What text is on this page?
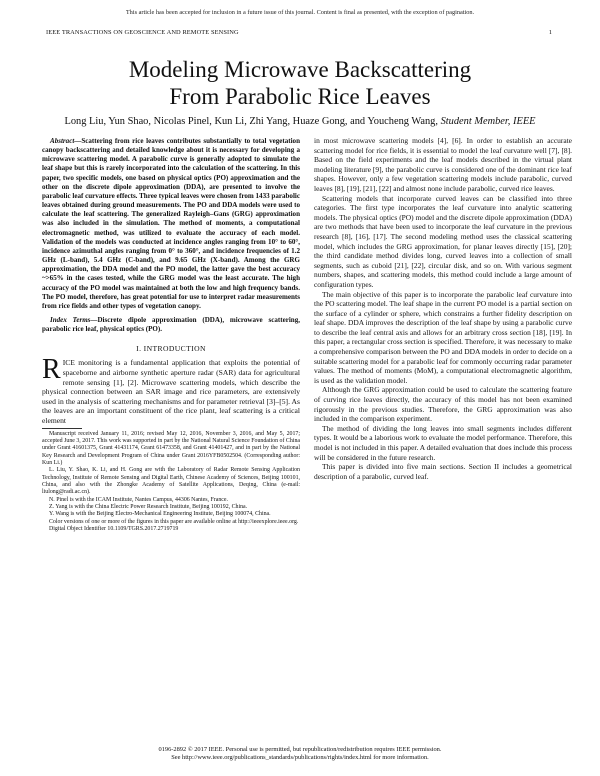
This article has been accepted for inclusion in a future issue of this journal. Content is final as presented, with the exception of pagination.
IEEE TRANSACTIONS ON GEOSCIENCE AND REMOTE SENSING	1
Modeling Microwave Backscattering
From Parabolic Rice Leaves
Long Liu, Yun Shao, Nicolas Pinel, Kun Li, Zhi Yang, Huaze Gong, and Youcheng Wang, Student Member, IEEE

Abstract—Scattering from rice leaves contributes substantially to total vegetation canopy backscattering and detailed knowledge about it is necessary for developing a microwave scattering model. A parabolic curve is generally adopted to simulate the leaf shape but this is rarely incorporated into the calculation of the scattering. In this paper, two specific models, one based on physical optics (PO) approximation and the other on the discrete dipole approximation (DDA), are presented to involve the parabolic leaf curvature effects. Three typical leaves were chosen from 1433 parabolic leaves obtained during ground measurements. The PO and DDA models were used to calculate the leaf scattering. The generalized Rayleigh–Gans (GRG) approximation was also included in the simulation. The method of moments, a computational electromagnetic method, was utilized to evaluate the accuracy of each model. Validation of the models was conducted at incidence angles ranging from 10° to 60°, incidence azimuthal angles ranging from 0° to 360°, and incidence frequencies of 1.2 GHz (L-band), 5.4 GHz (C-band), and 9.65 GHz (X-band). Among the GRG approximation, the DDA model and the PO model, the latter gave the best accuracy ~>65% in the cases tested, while the GRG model was the least accurate. The high accuracy of the PO model was maintained at both the low and high frequency bands. The PO model, therefore, has great potential for use to interpret radar measurements from rice fields and other types of vegetation canopy.

Index Terms—Discrete dipole approximation (DDA), microwave scattering, parabolic rice leaf, physical optics (PO).

I. INTRODUCTION

RICE monitoring is a fundamental application that exploits the potential of spaceborne and airborne synthetic aperture radar (SAR) data for agricultural remote sensing [1], [2]. Microwave scattering models, which describe the physical connection between an SAR image and rice parameters, are extensively used in the analysis of scattering mechanisms and for parameter retrieval [3]–[5]. As the leaves are an important constituent of the rice plant, leaf scattering is a critical element

Manuscript received January 11, 2016; revised May 12, 2016, November 3, 2016, and May 5, 2017; accepted June 3, 2017. This work was supported in part by the National Natural Science Foundation of China under Grant 41601375, Grant 41431174, Grant 61473358, and Grant 41401427, and in part by the National Key Research and Development Program of China under Grant 2016YFB0502504. (Corresponding author: Kun Li.)

L. Liu, Y. Shao, K. Li, and H. Gong are with the Laboratory of Radar Remote Sensing Application Technology, Institute of Remote Sensing and Digital Earth, Chinese Academy of Sciences, Beijing 100101, China, and also with the Zhongke Academy of Satellite Applications, Deqing, China (e-mail: liulong@radi.ac.cn).

N. Pinel is with the ICAM Institute, Nantes Campus, 44306 Nantes, France.

Z. Yang is with the China Electric Power Research Institute, Beijing 100192, China.

Y. Wang is with the Beijing Electro-Mechanical Engineering Institute, Beijing 100074, China.

Color versions of one or more of the figures in this paper are available online at http://ieeexplore.ieee.org.

Digital Object Identifier 10.1109/TGRS.2017.2719719

in most microwave scattering models [4], [6]. In order to establish an accurate scattering model for rice fields, it is essential to model the leaf curvature well [7], [8]. Based on the field experiments and the leaf models described in the virtual plant modeling literature [9], the parabolic curve is considered one of the dominant rice leaf shapes. However, only a few vegetation scattering models include parabolic, curved leaves [8], [19], [21], [22] and almost none include parabolic, curved rice leaves.

Scattering models that incorporate curved leaves can be classified into three categories. The first type incorporates the leaf curvature into analytic scattering models. The physical optics (PO) model and the discrete dipole approximation (DDA) are two methods that have been used to incorporate the leaf curvature in the previous research [8], [16], [17]. The second modeling method uses the classical scattering model, which includes the GRG approximation, for planar leaves directly [15], [20]; the third candidate method divides long, curved leaves into a collection of small segments, such as cuboid [21], [22], circular disk, and so on. With various segment numbers, shapes, and scattering models, this method could include a large amount of configuration types.

The main objective of this paper is to incorporate the parabolic leaf curvature into the PO scattering model. The leaf shape in the current PO model is a partial section on the surface of a cylinder or sphere, which constrains a further fidelity description on leaf shape. DDA improves the description of the leaf shape by using a parabolic curve to describe the leaf central axis and allows for an arbitrary cross section [18], [19]. In this paper, a rectangular cross section is specified. Therefore, it was necessary to make a comprehensive comparison between the PO and DDA models in order to decide on a suitable scattering model for a parabolic leaf for commonly occurring radar parameter values. The method of moments (MoM), a computational electromagnetic algorithm, is used as the validation model.

Although the GRG approximation could be used to calculate the scattering feature of curving rice leaves directly, the accuracy of this model has not been examined rigorously in the previous studies. Therefore, the GRG approximation was also included in the comparison experiment.

The method of dividing the long leaves into small segments includes different types. It would be a laborious work to evaluate the model performance. Therefore, this model is not included in this paper. A detailed evaluation that does include this process will be considered in the future research.

This paper is divided into five main sections. Section II includes a geometrical description of a parabolic, curved leaf.

0196-2892 © 2017 IEEE. Personal use is permitted, but republication/redistribution requires IEEE permission.
See http://www.ieee.org/publications_standards/publications/rights/index.html for more information.
